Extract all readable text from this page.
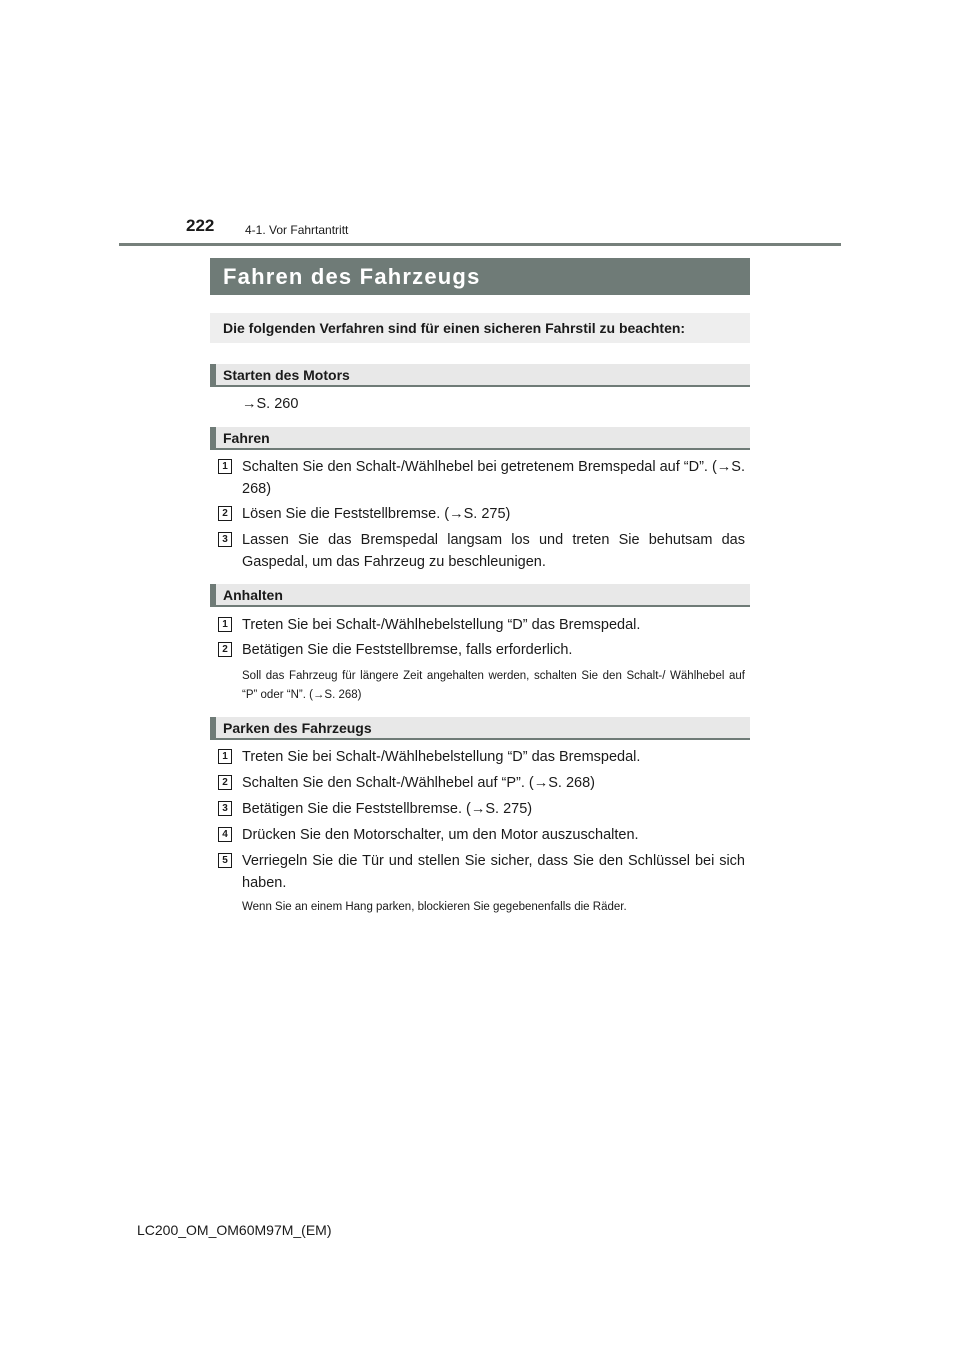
222	4-1. Vor Fahrtantritt
Fahren des Fahrzeugs
Die folgenden Verfahren sind für einen sicheren Fahrstil zu beachten:
Starten des Motors
→S. 260
Fahren
1 Schalten Sie den Schalt-/Wählhebel bei getretenem Bremspedal auf “D”. (→S. 268)
2 Lösen Sie die Feststellbremse. (→S. 275)
3 Lassen Sie das Bremspedal langsam los und treten Sie behutsam das Gaspedal, um das Fahrzeug zu beschleunigen.
Anhalten
1 Treten Sie bei Schalt-/Wählhebelstellung “D” das Bremspedal.
2 Betätigen Sie die Feststellbremse, falls erforderlich.
Soll das Fahrzeug für längere Zeit angehalten werden, schalten Sie den Schalt-/ Wählhebel auf “P” oder “N”. (→S. 268)
Parken des Fahrzeugs
1 Treten Sie bei Schalt-/Wählhebelstellung “D” das Bremspedal.
2 Schalten Sie den Schalt-/Wählhebel auf “P”. (→S. 268)
3 Betätigen Sie die Feststellbremse. (→S. 275)
4 Drücken Sie den Motorschalter, um den Motor auszuschalten.
5 Verriegeln Sie die Tür und stellen Sie sicher, dass Sie den Schlüssel bei sich haben.
Wenn Sie an einem Hang parken, blockieren Sie gegebenenfalls die Räder.
LC200_OM_OM60M97M_(EM)
